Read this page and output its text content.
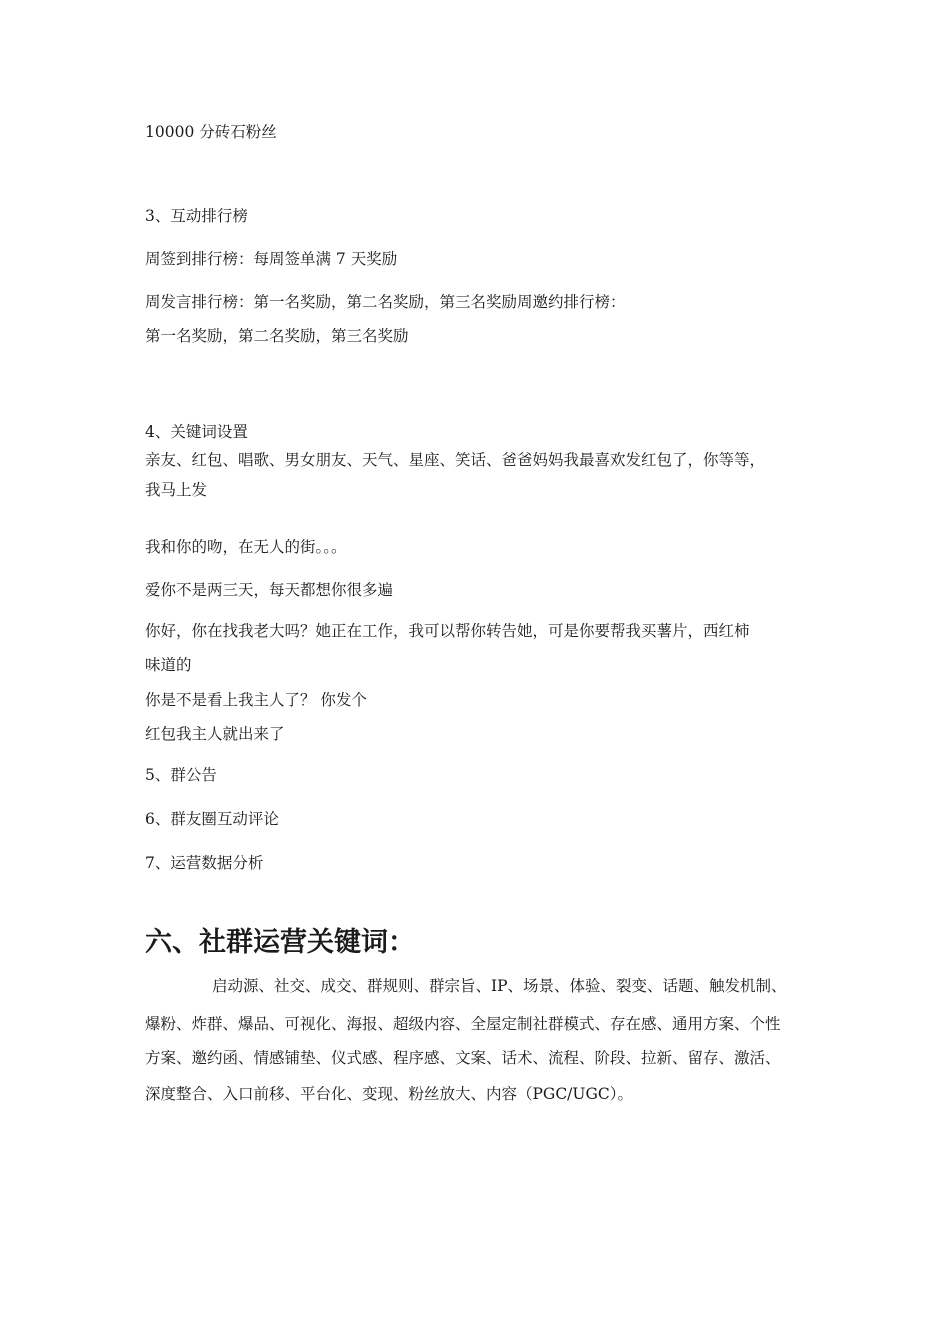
10000 分砖石粉丝
3、互动排行榜
周签到排行榜：每周签单满 7 天奖励
周发言排行榜：第一名奖励，第二名奖励，第三名奖励周邀约排行榜：
第一名奖励，第二名奖励，第三名奖励
4、关键词设置
亲友、红包、唱歌、男女朋友、天气、星座、笑话、爸爸妈妈我最喜欢发红包了，你等等，
我马上发
我和你的吻，在无人的街。。。
爱你不是两三天，每天都想你很多遍
你好，你在找我老大吗？她正在工作，我可以帮你转告她，可是你要帮我买薯片，西红柿
味道的
你是不是看上我主人了？ 你发个
红包我主人就出来了
5、群公告
6、群友圈互动评论
7、运营数据分析
六、社群运营关键词：
启动源、社交、成交、群规则、群宗旨、IP、场景、体验、裂变、话题、触发机制、
爆粉、炸群、爆品、可视化、海报、超级内容、全屋定制社群模式、存在感、通用方案、个性
方案、邀约函、情感铺垫、仪式感、程序感、文案、话术、流程、阶段、拉新、留存、激活、
深度整合、入口前移、平台化、变现、粉丝放大、内容（PGC/UGC）。
